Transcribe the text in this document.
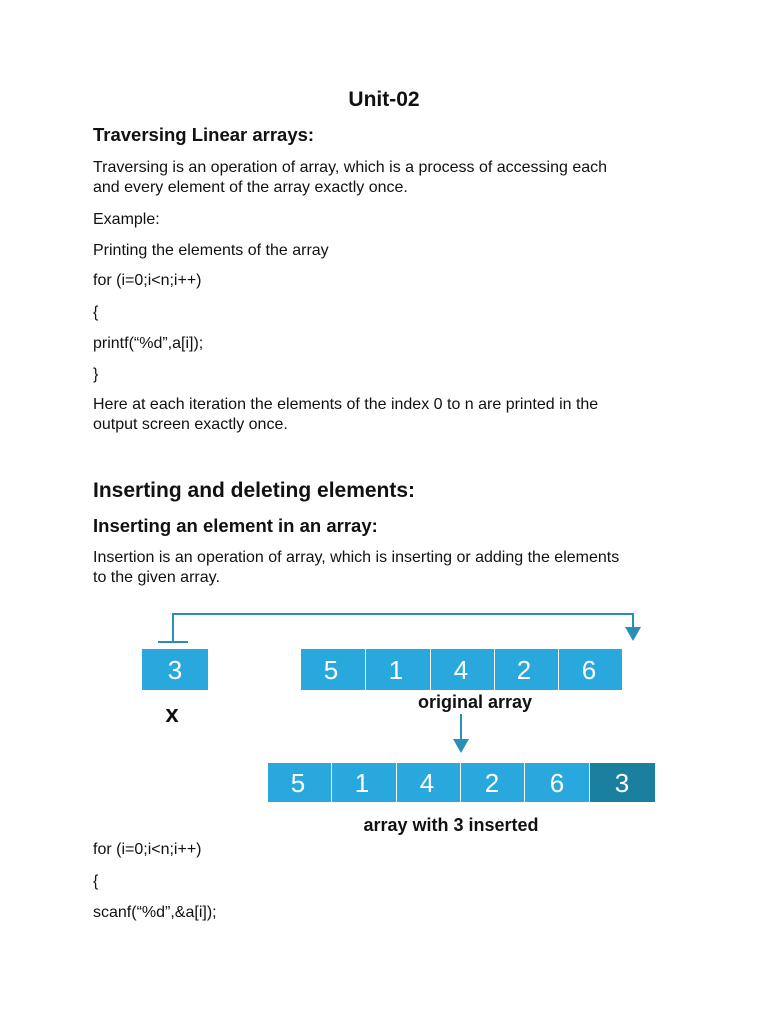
Unit-02
Traversing Linear arrays:
Traversing is an operation of array, which is a process of accessing each
and every element of the array exactly once.
Example:
Printing the elements of the array
for (i=0;i<n;i++)
{
printf(“%d”,a[i]);
}
Here at each iteration the elements of the index 0 to n are printed in the
output screen exactly once.
Inserting and deleting elements:
Inserting an element in an array:
Insertion is an operation of array, which is inserting or adding the elements
to the given array.
3
x
5 1 4 2 6
original array
5 1 4 2 6 3
array with 3 inserted
for (i=0;i<n;i++)
{
scanf(“%d”,&a[i]);
